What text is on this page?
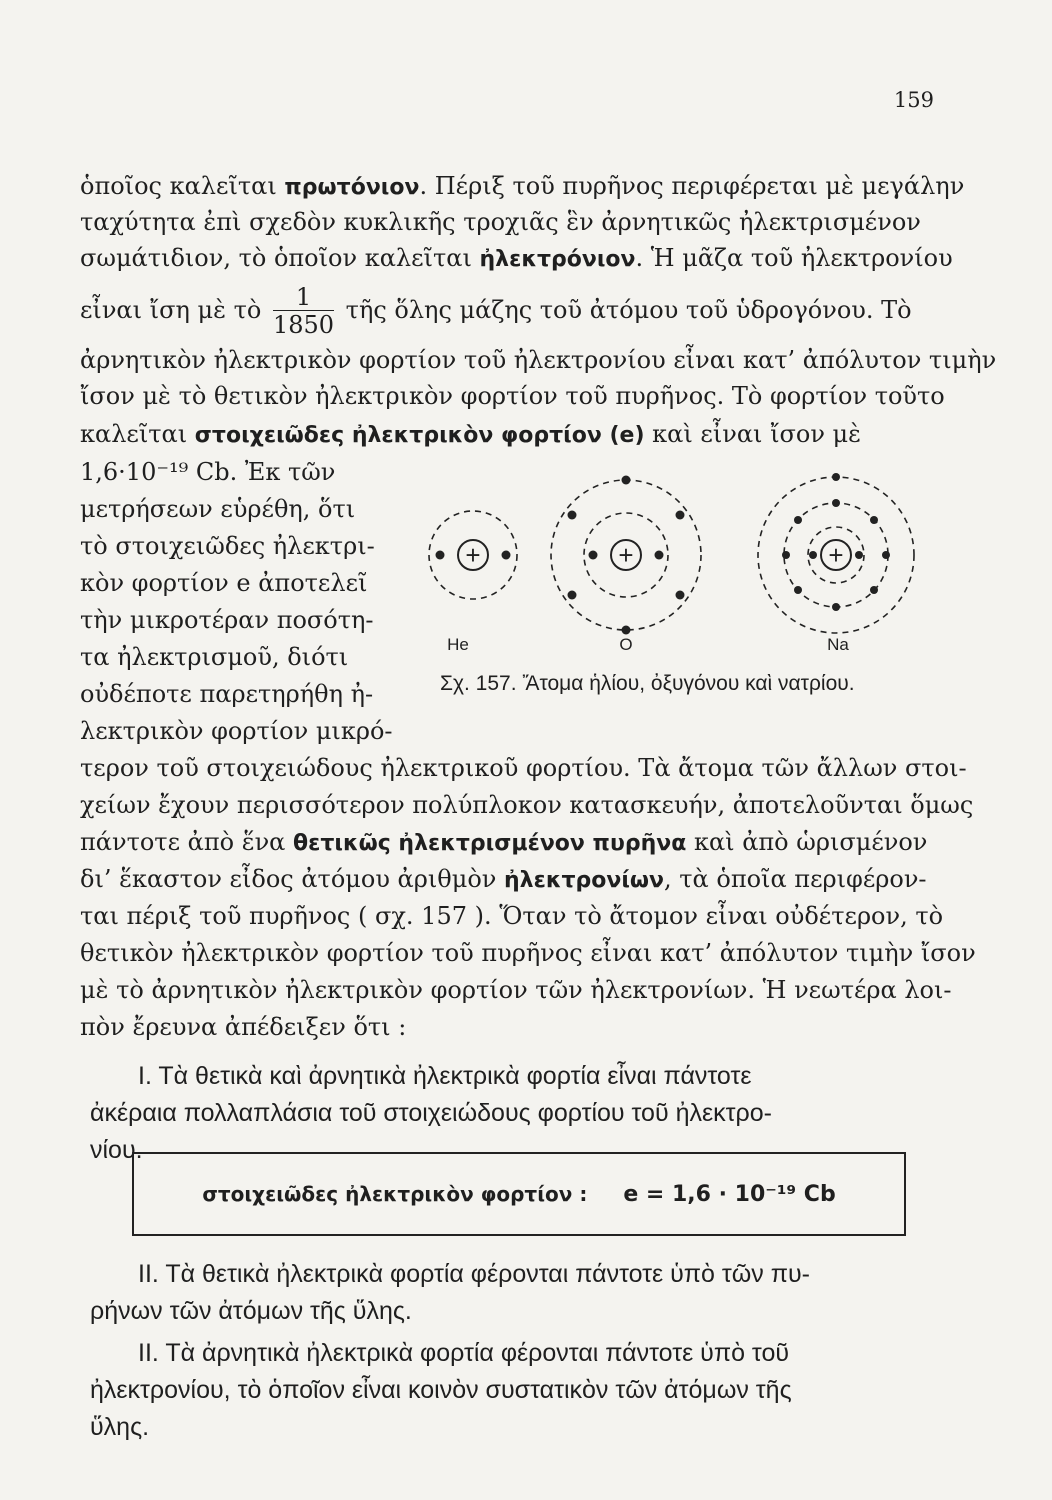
159
ὁποῖος καλεῖται πρωτόνιον. Πέριξ τοῦ πυρῆνος περιφέρεται μὲ μεγάλην
ταχύτητα ἐπὶ σχεδὸν κυκλικῆς τροχιᾶς ἓν ἀρνητικῶς ἠλεκτρισμένον
σωμάτιδιον, τὸ ὁποῖον καλεῖται ἠλεκτρόνιον. Ἡ μᾶζα τοῦ ἠλεκτρονίου
εἶναι ἴση μὲ τὸ $\frac{1}{1850}$ τῆς ὅλης μάζης τοῦ ἀτόμου τοῦ ὑδρογόνου. Τὸ
ἀρνητικὸν ἠλεκτρικὸν φορτίον τοῦ ἠλεκτρονίου εἶναι κατ’ ἀπόλυτον τιμὴν
ἴσον μὲ τὸ θετικὸν ἠλεκτρικὸν φορτίον τοῦ πυρῆνος. Τὸ φορτίον τοῦτο
καλεῖται στοιχειῶδες ἠλεκτρικὸν φορτίον (e) καὶ εἶναι ἴσον μὲ
1,6·10⁻¹⁹ Cb. Ἐκ τῶν
μετρήσεων εὑρέθη, ὅτι
τὸ στοιχειῶδες ἠλεκτρι-
κὸν φορτίον e ἀποτελεῖ
τὴν μικροτέραν ποσότη-
τα ἠλεκτρισμοῦ, διότι
οὐδέποτε παρετηρήθη ἠ-
λεκτρικὸν φορτίον μικρό-
τερον τοῦ στοιχειώδους ἠλεκτρικοῦ φορτίου. Τὰ ἄτομα τῶν ἄλλων στοι-
χείων ἔχουν περισσότερον πολύπλοκον κατασκευήν, ἀποτελοῦνται ὅμως
πάντοτε ἀπὸ ἕνα θετικῶς ἠλεκτρισμένον πυρῆνα καὶ ἀπὸ ὡρισμένον
δι’ ἕκαστον εἶδος ἀτόμου ἀριθμὸν ἠλεκτρονίων, τὰ ὁποῖα περιφέρον-
ται πέριξ τοῦ πυρῆνος ( σχ. 157 ). Ὅταν τὸ ἄτομον εἶναι οὐδέτερον, τὸ
θετικὸν ἠλεκτρικὸν φορτίον τοῦ πυρῆνος εἶναι κατ’ ἀπόλυτον τιμὴν ἴσον
μὲ τὸ ἀρνητικὸν ἠλεκτρικὸν φορτίον τῶν ἠλεκτρονίων. Ἡ νεωτέρα λοι-
πὸν ἔρευνα ἀπέδειξεν ὅτι :
+	+	+
He	O	Na
Σχ. 157. Ἄτομα ἡλίου, ὀξυγόνου καὶ νατρίου.
Ι. Τὰ θετικὰ καὶ ἀρνητικὰ ἠλεκτρικὰ φορτία εἶναι πάντοτε
ἀκέραια πολλαπλάσια τοῦ στοιχειώδους φορτίου τοῦ ἠλεκτρο-
νίου.
στοιχειῶδες ἠλεκτρικὸν φορτίον : e = 1,6 · 10⁻¹⁹ Cb
ΙΙ. Τὰ θετικὰ ἠλεκτρικὰ φορτία φέρονται πάντοτε ὑπὸ τῶν πυ-
ρήνων τῶν ἀτόμων τῆς ὕλης.
ΙΙ. Τὰ ἀρνητικὰ ἠλεκτρικὰ φορτία φέρονται πάντοτε ὑπὸ τοῦ
ἠλεκτρονίου, τὸ ὁποῖον εἶναι κοινὸν συστατικὸν τῶν ἀτόμων τῆς
ὕλης.
